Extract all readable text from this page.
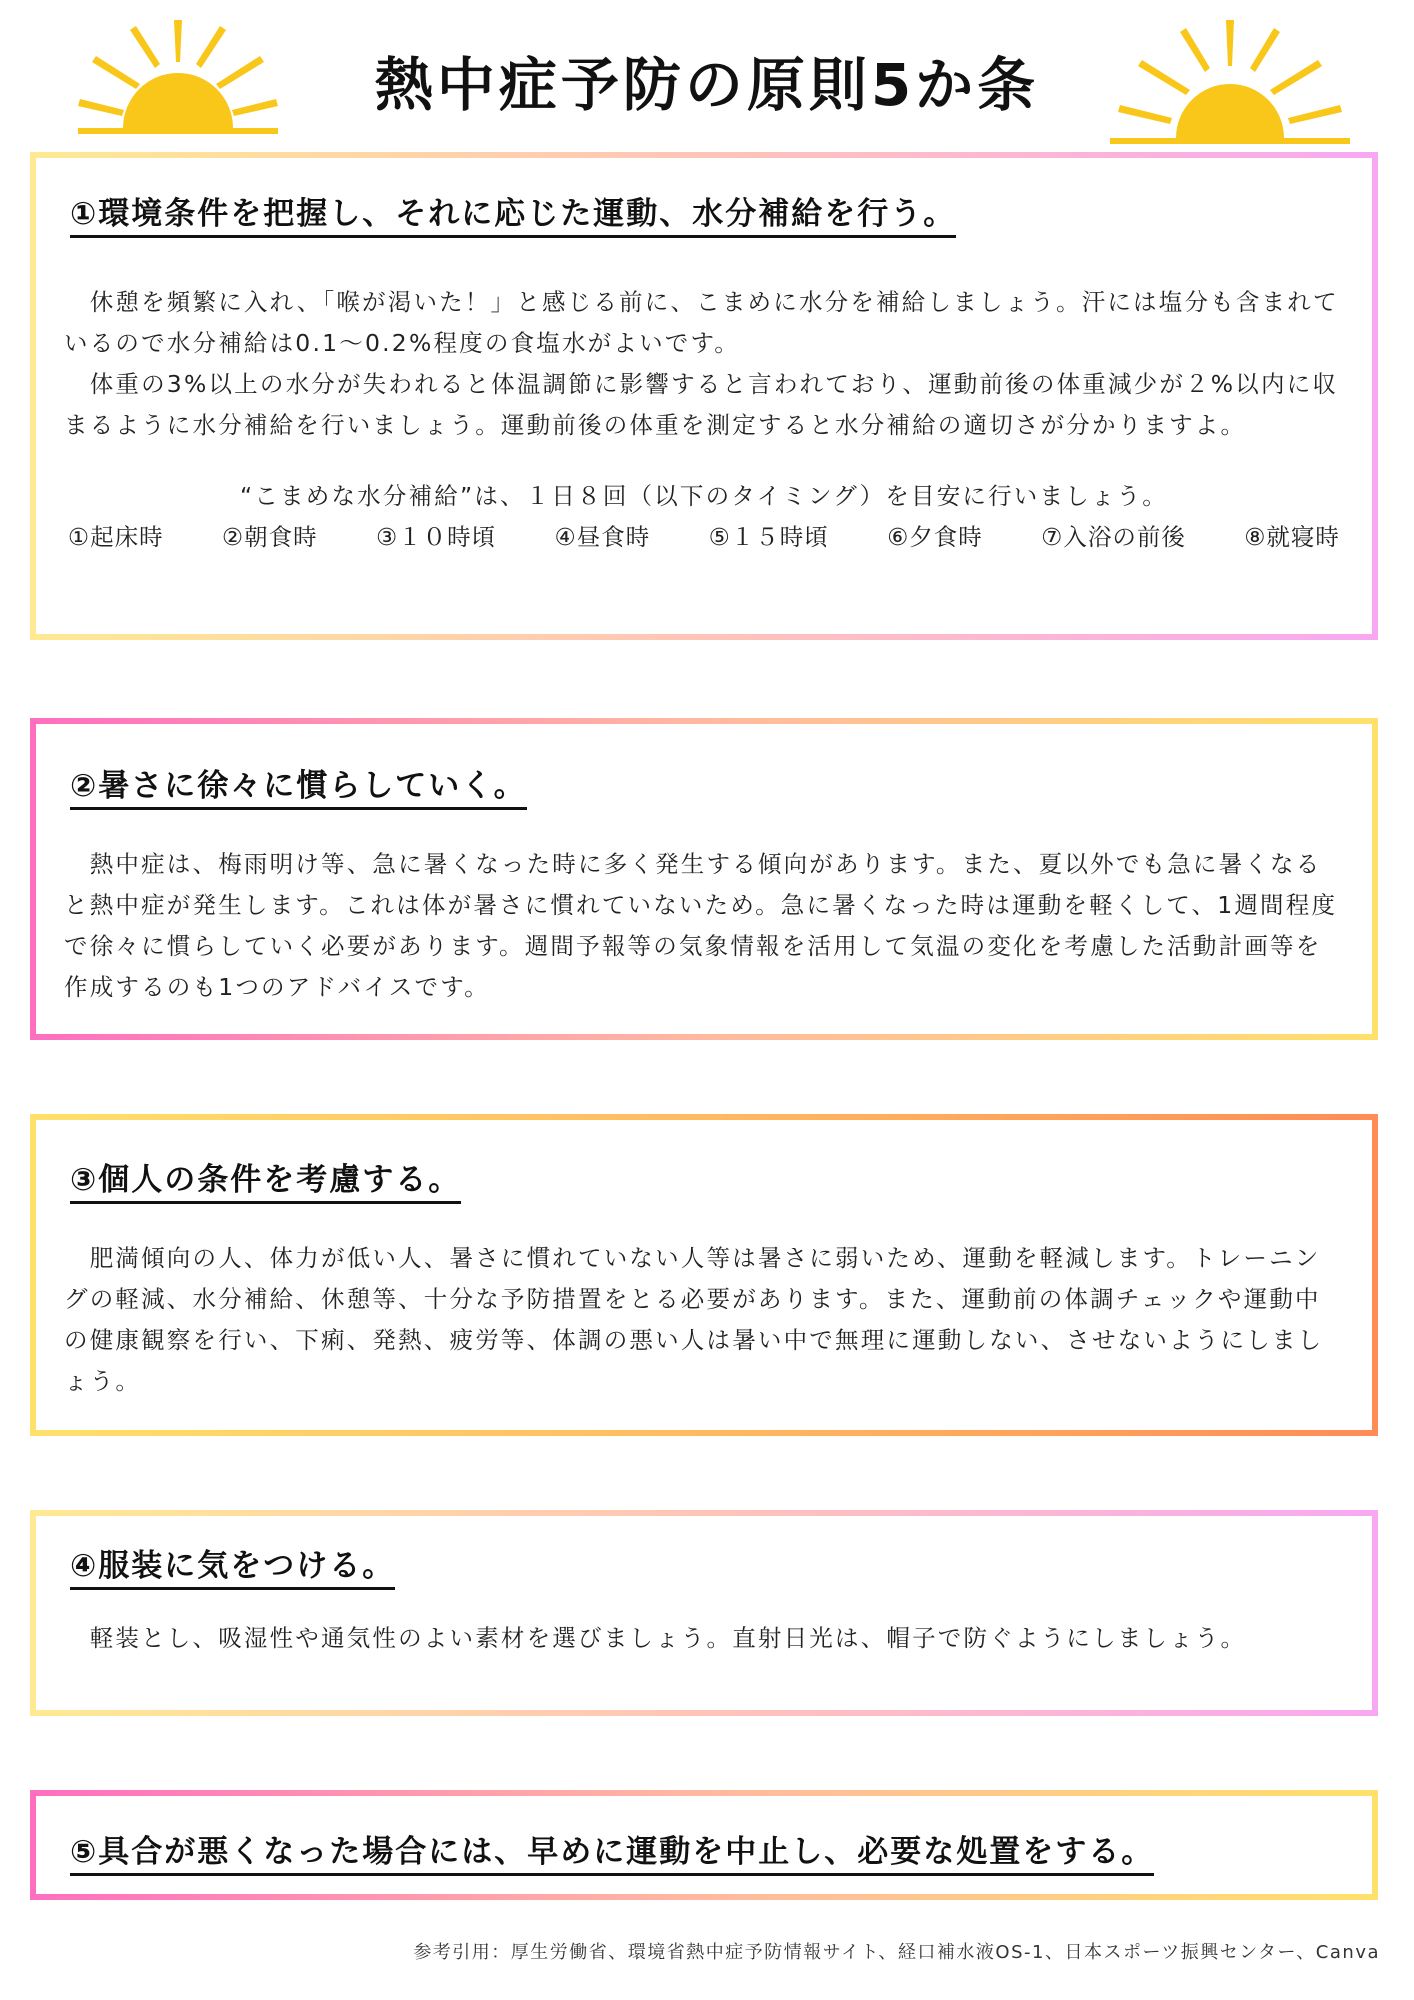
熱中症予防の原則5か条
①環境条件を把握し、それに応じた運動、水分補給を行う。

　休憩を頻繁に入れ、「喉が渇いた！」と感じる前に、こまめに水分を補給しましょう。汗には塩分も含まれているので水分補給は0.1～0.2%程度の食塩水がよいです。

　体重の3%以上の水分が失われると体温調節に影響すると言われており、運動前後の体重減少が２%以内に収まるように水分補給を行いましょう。運動前後の体重を測定すると水分補給の適切さが分かりますよ。

“こまめな水分補給”は、１日８回（以下のタイミング）を目安に行いましょう。
①起床時 ②朝食時 ③１０時頃 ④昼食時 ⑤１５時頃 ⑥夕食時 ⑦入浴の前後 ⑧就寝時
②暑さに徐々に慣らしていく。

　熱中症は、梅雨明け等、急に暑くなった時に多く発生する傾向があります。また、夏以外でも急に暑くなると熱中症が発生します。これは体が暑さに慣れていないため。急に暑くなった時は運動を軽くして、1週間程度で徐々に慣らしていく必要があります。週間予報等の気象情報を活用して気温の変化を考慮した活動計画等を作成するのも1つのアドバイスです。

③個人の条件を考慮する。

　肥満傾向の人、体力が低い人、暑さに慣れていない人等は暑さに弱いため、運動を軽減します。トレーニングの軽減、水分補給、休憩等、十分な予防措置をとる必要があります。また、運動前の体調チェックや運動中の健康観察を行い、下痢、発熱、疲労等、体調の悪い人は暑い中で無理に運動しない、させないようにしましょう。

④服装に気をつける。

　軽装とし、吸湿性や通気性のよい素材を選びましょう。直射日光は、帽子で防ぐようにしましょう。

⑤具合が悪くなった場合には、早めに運動を中止し、必要な処置をする。
参考引用：厚生労働省、環境省熱中症予防情報サイト、経口補水液OS-1、日本スポーツ振興センター、Canva
